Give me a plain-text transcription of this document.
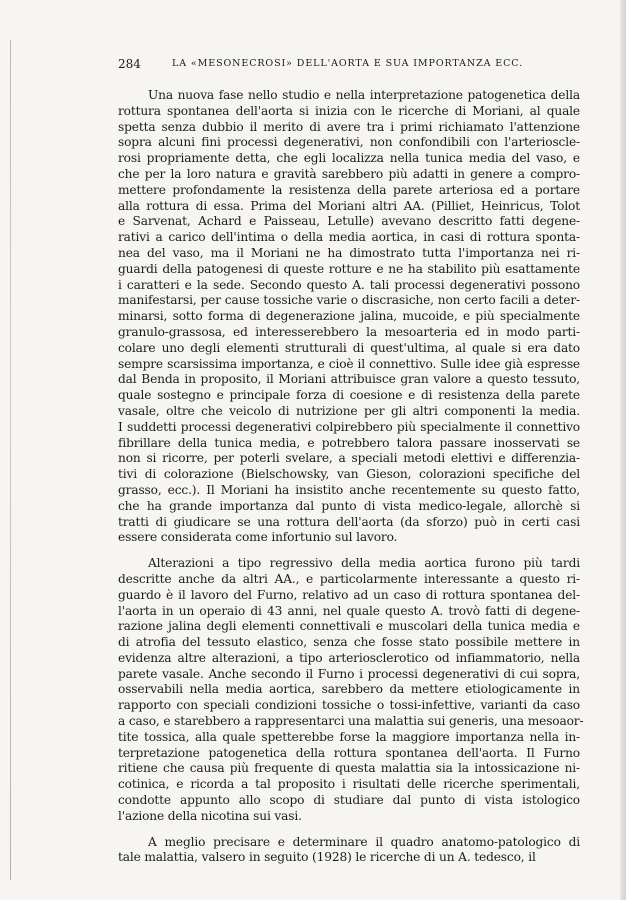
284	LA «MESONECROSI» DELL'AORTA E SUA IMPORTANZA ECC.
Una nuova fase nello studio e nella interpretazione patogenetica della
rottura spontanea dell'aorta si inizia con le ricerche di Moriani, al quale
spetta senza dubbio il merito di avere tra i primi richiamato l'attenzione
sopra alcuni fini processi degenerativi, non confondibili con l'arterioscle-
rosi propriamente detta, che egli localizza nella tunica media del vaso, e
che per la loro natura e gravità sarebbero più adatti in genere a compro-
mettere profondamente la resistenza della parete arteriosa ed a portare
alla rottura di essa. Prima del Moriani altri AA. (Pilliet, Heinricus, Tolot
e Sarvenat, Achard e Paisseau, Letulle) avevano descritto fatti degene-
rativi a carico dell'intima o della media aortica, in casi di rottura sponta-
nea del vaso, ma il Moriani ne ha dimostrato tutta l'importanza nei ri-
guardi della patogenesi di queste rotture e ne ha stabilito più esattamente
i caratteri e la sede. Secondo questo A. tali processi degenerativi possono
manifestarsi, per cause tossiche varie o discrasiche, non certo facili a deter-
minarsi, sotto forma di degenerazione jalina, mucoide, e più specialmente
granulo-grassosa, ed interesserebbero la mesoarteria ed in modo parti-
colare uno degli elementi strutturali di quest'ultima, al quale si era dato
sempre scarsissima importanza, e cioè il connettivo. Sulle idee già espresse
dal Benda in proposito, il Moriani attribuisce gran valore a questo tessuto,
quale sostegno e principale forza di coesione e di resistenza della parete
vasale, oltre che veicolo di nutrizione per gli altri componenti la media.
I suddetti processi degenerativi colpirebbero più specialmente il connettivo
fibrillare della tunica media, e potrebbero talora passare inosservati se
non si ricorre, per poterli svelare, a speciali metodi elettivi e differenzia-
tivi di colorazione (Bielschowsky, van Gieson, colorazioni specifiche del
grasso, ecc.). Il Moriani ha insistito anche recentemente su questo fatto,
che ha grande importanza dal punto di vista medico-legale, allorchè si
tratti di giudicare se una rottura dell'aorta (da sforzo) può in certi casi
essere considerata come infortunio sul lavoro.
Alterazioni a tipo regressivo della media aortica furono più tardi
descritte anche da altri AA., e particolarmente interessante a questo ri-
guardo è il lavoro del Furno, relativo ad un caso di rottura spontanea del-
l'aorta in un operaio di 43 anni, nel quale questo A. trovò fatti di degene-
razione jalina degli elementi connettivali e muscolari della tunica media e
di atrofia del tessuto elastico, senza che fosse stato possibile mettere in
evidenza altre alterazioni, a tipo arteriosclerotico od infiammatorio, nella
parete vasale. Anche secondo il Furno i processi degenerativi di cui sopra,
osservabili nella media aortica, sarebbero da mettere etiologicamente in
rapporto con speciali condizioni tossiche o tossi-infettive, varianti da caso
a caso, e starebbero a rappresentarci una malattia sui generis, una mesoaor-
tite tossica, alla quale spetterebbe forse la maggiore importanza nella in-
terpretazione patogenetica della rottura spontanea dell'aorta. Il Furno
ritiene che causa più frequente di questa malattia sia la intossicazione ni-
cotinica, e ricorda a tal proposito i risultati delle ricerche sperimentali,
condotte appunto allo scopo di studiare dal punto di vista istologico
l'azione della nicotina sui vasi.
A meglio precisare e determinare il quadro anatomo-patologico di
tale malattia, valsero in seguito (1928) le ricerche di un A. tedesco, il
